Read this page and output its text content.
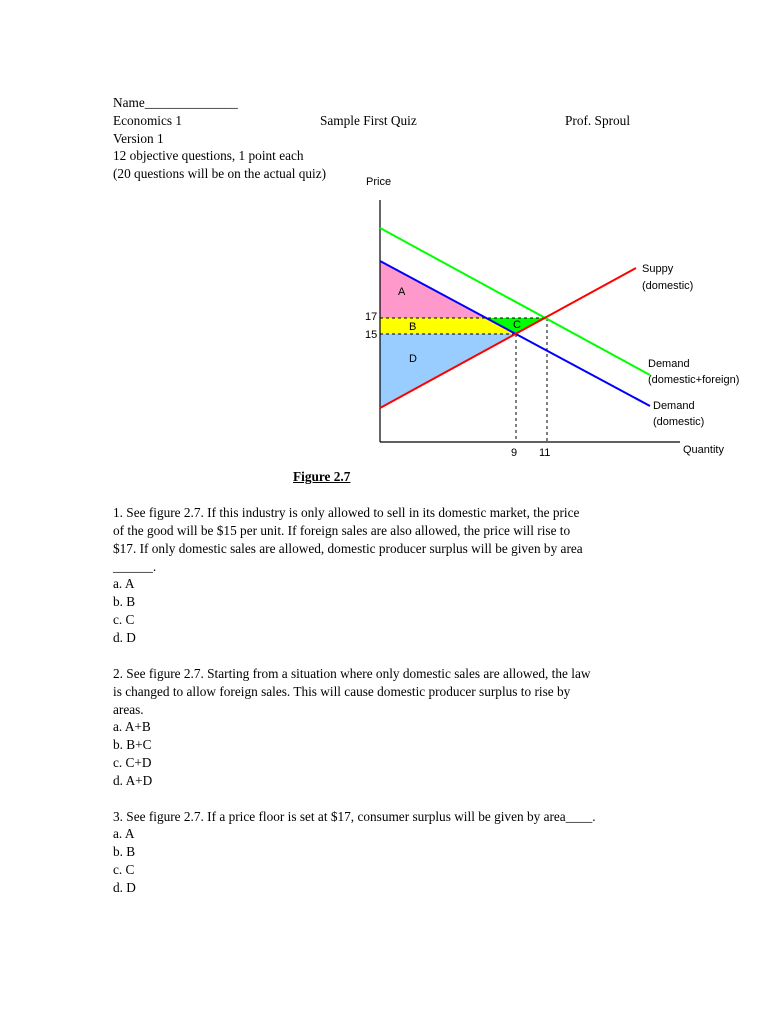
Name______________
Economics 1	Sample First Quiz	Prof. Sproul
Version 1
12 objective questions, 1 point each
(20 questions will be on the actual quiz)
Price
Quantity
17
15
9 11
A
B	C
D
Suppy
(domestic)
Demand
(domestic+foreign)
Demand
(domestic)
Figure 2.7
1. See figure 2.7. If this industry is only allowed to sell in its domestic market, the price
of the good will be $15 per unit. If foreign sales are also allowed, the price will rise to
$17. If only domestic sales are allowed, domestic producer surplus will be given by area
______.
a. A
b. B
c. C
d. D
2. See figure 2.7. Starting from a situation where only domestic sales are allowed, the law
is changed to allow foreign sales. This will cause domestic producer surplus to rise by
areas.
a. A+B
b. B+C
c. C+D
d. A+D
3. See figure 2.7. If a price floor is set at $17, consumer surplus will be given by area____.
a. A
b. B
c. C
d. D
